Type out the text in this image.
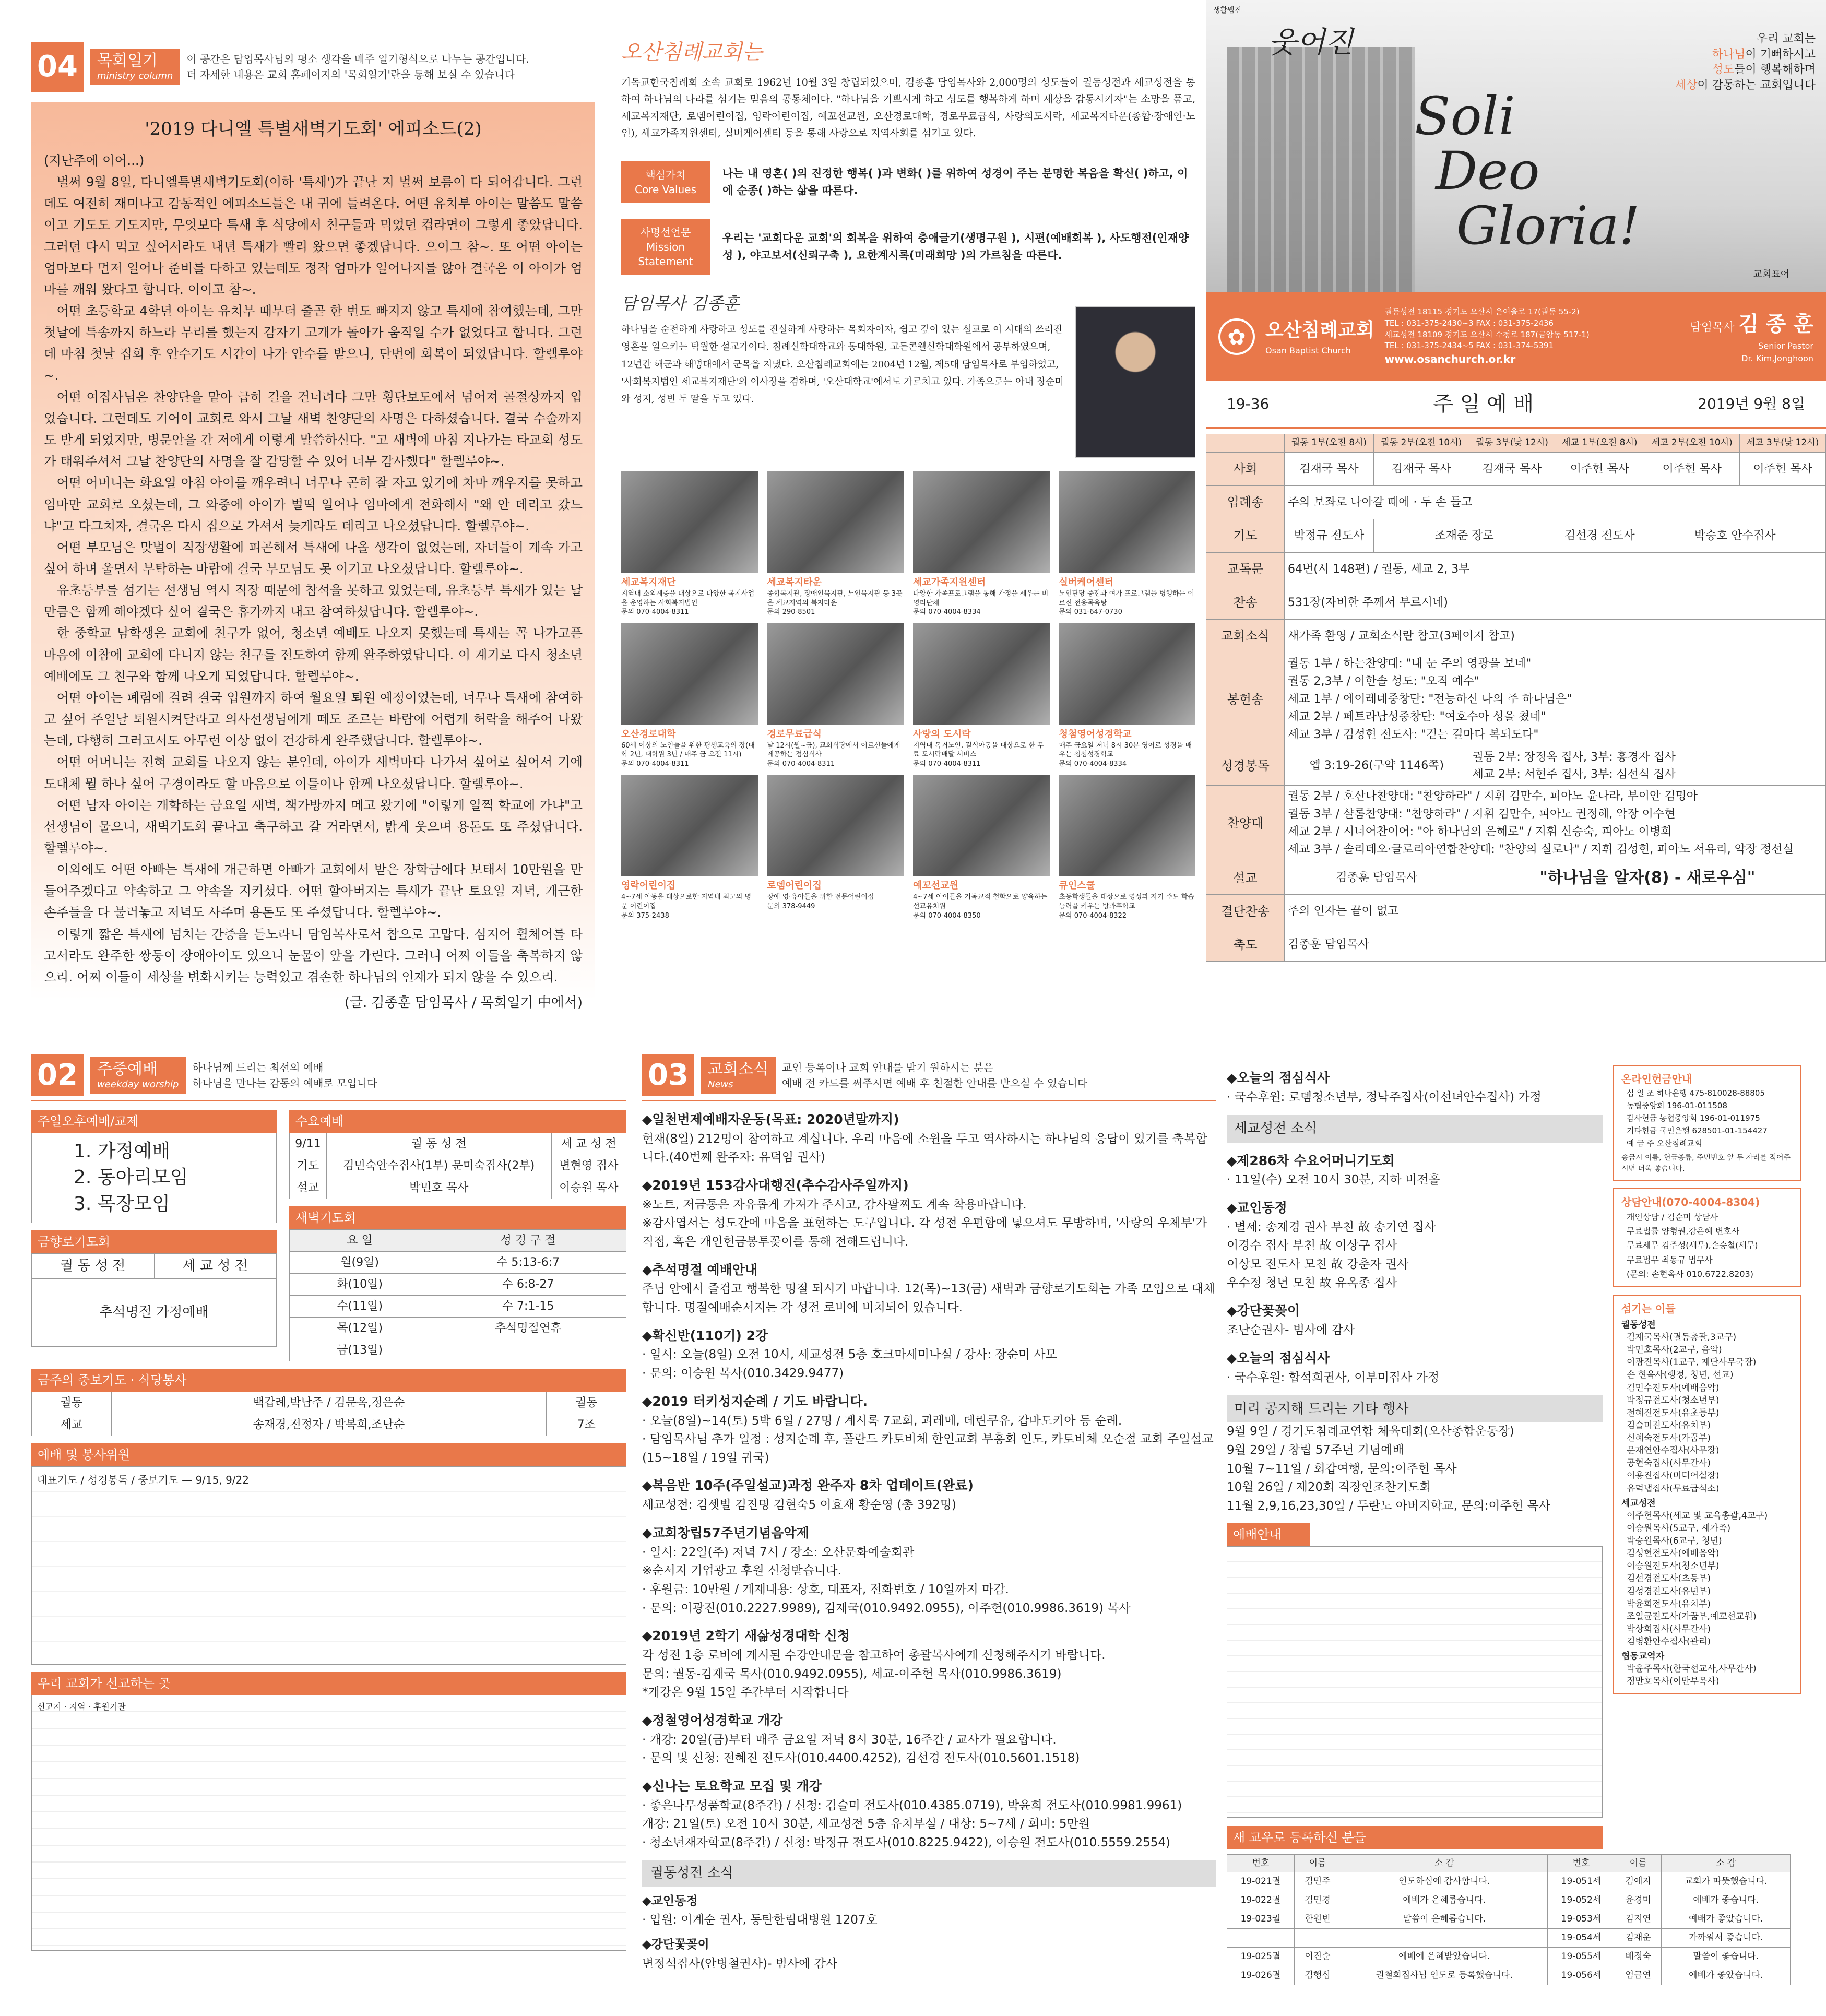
04	목회일기
ministry column
이 공간은 담임목사님의 평소 생각을 매주 일기형식으로 나누는 공간입니다.
더 자세한 내용은 교회 홈페이지의 '목회일기'란을 통해 보실 수 있습니다
'2019 다니엘 특별새벽기도회' 에피소드(2)

(지난주에 이어...)

벌써 9월 8일, 다니엘특별새벽기도회(이하 '특새')가 끝난 지 벌써 보름이 다 되어갑니다. 그런데도 여전히 재미나고 감동적인 에피소드들은 내 귀에 들려온다. 어떤 유치부 아이는 말씀도 말씀이고 기도도 기도지만, 무엇보다 특새 후 식당에서 친구들과 먹었던 컵라면이 그렇게 좋았답니다. 그러던 다시 먹고 싶어서라도 내년 특새가 빨리 왔으면 좋겠답니다. 으이그 참~. 또 어떤 아이는 엄마보다 먼저 일어나 준비를 다하고 있는데도 정작 엄마가 일어나지를 않아 결국은 이 아이가 엄마를 깨워 왔다고 합니다. 이이고 참~.

어떤 초등학교 4학년 아이는 유치부 때부터 줄곧 한 번도 빠지지 않고 특새에 참여했는데, 그만 첫날에 특송까지 하느라 무리를 했는지 감자기 고개가 돌아가 움직일 수가 없었다고 합니다. 그런데 마침 첫날 집회 후 안수기도 시간이 나가 안수를 받으니, 단번에 회복이 되었답니다. 할렐루야~.

어떤 여집사님은 찬양단을 맡아 급히 길을 건너려다 그만 횡단보도에서 넘어져 골절상까지 입었습니다. 그런데도 기어이 교회로 와서 그날 새벽 찬양단의 사명은 다하셨습니다. 결국 수술까지도 받게 되었지만, 병문안을 간 저에게 이렇게 말씀하신다. "고 새벽에 마침 지나가는 타교회 성도가 태워주셔서 그날 찬양단의 사명을 잘 감당할 수 있어 너무 감사했다" 할렐루야~.

어떤 어머니는 화요일 아침 아이를 깨우려니 너무나 곤히 잘 자고 있기에 차마 깨우지를 못하고 엄마만 교회로 오셨는데, 그 와중에 아이가 벌떡 일어나 엄마에게 전화해서 "왜 안 데리고 갔느냐"고 다그치자, 결국은 다시 집으로 가셔서 늦게라도 데리고 나오셨답니다. 할렐루야~.

어떤 부모님은 맞벌이 직장생활에 피곤해서 특새에 나올 생각이 없었는데, 자녀들이 계속 가고 싶어 하며 울면서 부탁하는 바람에 결국 부모님도 못 이기고 나오셨답니다. 할렐루야~.

유초등부를 섬기는 선생님 역시 직장 때문에 참석을 못하고 있었는데, 유초등부 특새가 있는 날만큼은 함께 해야겠다 싶어 결국은 휴가까지 내고 참여하셨답니다. 할렐루야~.

한 중학교 남학생은 교회에 친구가 없어, 청소년 예배도 나오지 못했는데 특새는 꼭 나가고픈 마음에 이참에 교회에 다니지 않는 친구를 전도하여 함께 완주하였답니다. 이 계기로 다시 청소년 예배에도 그 친구와 함께 나오게 되었답니다. 할렐루야~.

어떤 아이는 폐렴에 걸려 결국 입원까지 하여 월요일 퇴원 예정이었는데, 너무나 특새에 참여하고 싶어 주일날 퇴원시켜달라고 의사선생님에게 떼도 조르는 바람에 어렵게 허락을 해주어 나왔는데, 다행히 그러고서도 아무런 이상 없이 건강하게 완주했답니다. 할렐루야~.

어떤 어머니는 전혀 교회를 나오지 않는 분인데, 아이가 새벽마다 나가서 싶어로 싶어서 기에 도대체 뭘 하나 싶어 구경이라도 할 마음으로 이틀이나 함께 나오셨답니다. 할렐루야~.

어떤 남자 아이는 개학하는 금요일 새벽, 책가방까지 메고 왔기에 "이렇게 일찍 학교에 가냐"고 선생님이 물으니, 새벽기도회 끝나고 축구하고 갈 거라면서, 밝게 웃으며 용돈도 또 주셨답니다. 할렐루야~.

이외에도 어떤 아빠는 특새에 개근하면 아빠가 교회에서 받은 장학금에다 보태서 10만원을 만들어주겠다고 약속하고 그 약속을 지키셨다. 어떤 할아버지는 특새가 끝난 토요일 저녁, 개근한 손주들을 다 불러놓고 저녁도 사주며 용돈도 또 주셨답니다. 할렐루야~.

이렇게 짧은 특새에 넘치는 간증을 듣노라니 담임목사로서 참으로 고맙다. 심지어 휠체어를 타고서라도 완주한 쌍둥이 장애아이도 있으니 눈물이 앞을 가린다. 그러니 어찌 이들을 축복하지 않으리. 어찌 이들이 세상을 변화시키는 능력있고 겸손한 하나님의 인재가 되지 않을 수 있으리.

(글. 김종훈 담임목사 / 목회일기 中에서)
오산침례교회는
기독교한국침례회 소속 교회로 1962년 10월 3일 창립되었으며, 김종훈 담임목사와 2,000명의 성도들이 궐동성전과 세교성전을 통하여 하나님의 나라를 섬기는 믿음의 공동체이다. "하나님을 기쁘시게 하고 성도를 행복하게 하며 세상을 감동시키자"는 소망을 품고, 세교복지재단, 로뎀어린이집, 영락어린이집, 예꼬선교원, 오산경로대학, 경로무료급식, 사랑의도시락, 세교복지타운(종합·장애인·노인), 세교가족지원센터, 실버케어센터 등을 통해 사랑으로 지역사회를 섬기고 있다.
핵심가치
Core Values
나는 내 영혼( )의 진정한 행복( )과 변화( )를 위하여 성경이 주는 분명한 복음을 확신( )하고, 이에 순종( )하는 삶을 따른다.
사명선언문
Mission Statement
우리는 '교회다운 교회'의 회복을 위하여 충애글기(생명구원 ), 시편(예배회복 ), 사도행전(인재양성 ), 야고보서(신뢰구축 ), 요한계시록(미래희망 )의 가르침을 따른다.
담임목사 김종훈
하나님을 순전하게 사랑하고 성도를 진실하게 사랑하는 목회자이자, 쉽고 깊이 있는 설교로 이 시대의 쓰러진 영혼을 일으키는 탁월한 설교가이다. 침례신학대학교와 동대학원, 고든콘웰신학대학원에서 공부하였으며, 12년간 해군과 해병대에서 군목을 지냈다. 오산침례교회에는 2004년 12월, 제5대 담임목사로 부임하였고, '사회복지법인 세교복지재단'의 이사장을 겸하며, '오산대학교'에서도 가르치고 있다. 가족으로는 아내 장순미와 성지, 성빈 두 딸을 두고 있다.
세교복지재단
지역내 소외계층을 대상으로 다양한 복지사업을 운영하는 사회복지법인
문의 070-4004-8311
세교복지타운
종합복지관, 장애인복지관, 노인복지관 등 3곳을 세교지역의 복지타운
문의 290-8501
세교가족지원센터
다양한 가족프로그램을 통해 가정을 세우는 비영리단체
문의 070-4004-8334
실버케어센터
노인단당 중전과 여가 프로그램을 병행하는 어르신 전용목욕탕
문의 031-647-0730
오산경로대학
60세 이상의 노인들을 위한 평생교육의 장(대학 2년, 대학원 3년 / 매주 금 오전 11시)
문의 070-4004-8311
경로무료급식
날 12시(월~금), 교회식당에서 어르신들에게 제공하는 점심식사
문의 070-4004-8311
사랑의 도시락
지역내 독거노인, 결식아동을 대상으로 한 무료 도시락배달 서비스
문의 070-4004-8311
청첨영어성경학교
매주 금요일 저녁 8시 30분 영어로 성경을 배우는 청첨성경학교
문의 070-4004-8334
영락어린이집
4~7세 아동을 대상으로한 지역내 최고의 명문 어린이집
문의 375-2438
로뎀어린이집
장애 영·유아들을 위한 전문어린이집
문의 378-9449
예꼬선교원
4~7세 아이들을 기독교적 철학으로 양육하는 선교유치원
문의 070-4004-8350
큐인스쿨
초등학생들을 대상으로 영성과 지기 주도 학습능력을 키우는 방과후학교
문의 070-4004-8322
생활웹진
웃어진	우리 교회는
하나님이 기뻐하시고
성도들이 행복해하며
세상이 감동하는 교회입니다
Soli
Deo
Gloria!
교회표어
✿	오산침례교회
Osan Baptist Church
궐동성전 18115 경기도 오산시 은여울로 17(궐동 55-2)
TEL : 031-375-2430~3 FAX : 031-375-2436
세교성전 18109 경기도 오산시 수청로 187(금암동 517-1)
TEL : 031-375-2434~5 FAX : 031-374-5391
www.osanchurch.or.kr
담임목사 김 종 훈
Senior Pastor
Dr. Kim,Jonghoon
19-36	주 일 예 배	2019년 9월 8일
	궐동 1부(오전 8시)	궐동 2부(오전 10시)	궐동 3부(낮 12시)	세교 1부(오전 8시)	세교 2부(오전 10시)	세교 3부(낮 12시)
사회	김재국 목사	김재국 목사	김재국 목사	이주헌 목사	이주헌 목사	이주헌 목사
입례송	주의 보좌로 나아갈 때에 · 두 손 들고					

기도	박정규 전도사	조재준 장로		김선경 전도사	박승호 안수집사	
교독문	64번(시 148편) / 궐동, 세교 2, 3부					

찬송	531장(자비한 주께서 부르시네)					

교회소식	새가족 환영 / 교회소식란 참고(3페이지 참고)					

봉헌송	궐동 1부 / 하는찬양대: "내 눈 주의 영광을 보네"
궐동 2,3부 / 이한솔 성도: "오직 예수"
세교 1부 / 에이레네중창단: "전능하신 나의 주 하나님은"
세교 2부 / 페트라남성중창단: "여호수아 성을 쳤네"
세교 3부 / 김성현 전도사: "걷는 길마다 복되도다"					

성경봉독	엡 3:19-26(구약 1146쪽)		궐동 2부: 장정옥 집사, 3부: 홍경자 집사
세교 2부: 서현주 집사, 3부: 심선식 집사			

찬양대	궐동 2부 / 호산나찬양대: "찬양하라" / 지휘 김만수, 피아노 윤나라, 부이안 김명아
궐동 3부 / 샬롬찬양대: "찬양하라" / 지휘 김만수, 피아노 권정혜, 악장 이수현
세교 2부 / 시너어찬이어: "아 하나님의 은혜로" / 지휘 신승숙, 피아노 이병희
세교 3부 / 솔리데오·글로리아연합찬양대: "찬양의 실로나" / 지휘 김성현, 피아노 서유리, 악장 정선실					

설교	김종훈 담임목사		"하나님을 알자(8) - 새로우심"			
결단찬송	주의 인자는 끝이 없고					

축도	김종훈 담임목사					
02	주중예배
weekday worship
하나님께 드리는 최선의 예배
하나님을 만나는 감동의 예배로 모입니다
주일오후예배/교제
1. 가정예배
2. 동아리모임
3. 목장모임
금향로기도회
궐 동 성 전	세 교 성 전
추석명절 가정예배
수요예배
9/11	궐 동 성 전	세 교 성 전
기도	김민숙안수집사(1부) 문미숙집사(2부)	변현영 집사
설교	박민호 목사	이승원 목사
새벽기도회
요 일	성 경 구 절
월(9일)	수 5:13-6:7
화(10일)	수 6:8-27
수(11일)	수 7:1-15
목(12일)	추석명절연휴
금(13일)	
금주의 중보기도 · 식당봉사
궐동	백갑례,박남주 / 김문옥,정은순	궐동
세교	송재경,전정자 / 박복희,조난순	7조
예배 및 봉사위원
대표기도 / 성경봉독 / 중보기도 — 9/15, 9/22
우리 교회가 선교하는 곳
선교지 · 지역 · 후원기관
03	교회소식
News
교인 등록이나 교회 안내를 받기 원하시는 분은
예배 전 카드를 써주시면 예배 후 친절한 안내를 받으실 수 있습니다
◆일천번제예배자운동(목표: 2020년말까지)
현재(8일) 212명이 참여하고 계십니다. 우리 마음에 소원을 두고 역사하시는 하나님의 응답이 있기를 축복합니다.(40번째 완주자: 유덕임 권사)
◆2019년 153감사대행진(추수감사주일까지)
※노트, 저금통은 자유롭게 가져가 주시고, 감사팔찌도 계속 착용바랍니다.
※감사엽서는 성도간에 마음을 표현하는 도구입니다. 각 성전 우편함에 넣으셔도 무방하며, '사랑의 우체부'가 직접, 혹은 개인헌금봉투꽂이를 통해 전해드립니다.
◆추석명절 예배안내
주님 안에서 즐겁고 행복한 명절 되시기 바랍니다. 12(목)~13(금) 새벽과 금향로기도회는 가족 모임으로 대체합니다. 명절예배순서지는 각 성전 로비에 비치되어 있습니다.
◆확신반(110기) 2강
· 일시: 오늘(8일) 오전 10시, 세교성전 5층 호크마세미나실 / 강사: 장순미 사모
· 문의: 이승원 목사(010.3429.9477)
◆2019 터키성지순례 / 기도 바랍니다.
· 오늘(8일)~14(토) 5박 6일 / 27명 / 계시록 7교회, 괴레메, 데린쿠유, 갑바도키아 등 순례.
· 담임목사님 추가 일정 : 성지순례 후, 폴란드 카토비체 한인교회 부흥회 인도, 카토비체 오순절 교회 주일설교(15~18일 / 19일 귀국)
◆복음반 10주(주일설교)과정 완주자 8차 업데이트(완료)
세교성전: 김셋별 김진명 김현숙5 이효재 황순영 (총 392명)
◆교회창립57주년기념음악제
· 일시: 22일(주) 저녁 7시 / 장소: 오산문화예술회관
※순서지 기업광고 후원 신청받습니다.
· 후원금: 10만원 / 게재내용: 상호, 대표자, 전화번호 / 10일까지 마감.
· 문의: 이광진(010.2227.9989), 김재국(010.9492.0955), 이주헌(010.9986.3619) 목사
◆2019년 2학기 새삶성경대학 신청
각 성전 1층 로비에 게시된 수강안내문을 참고하여 총괄목사에게 신청해주시기 바랍니다.
문의: 궐동-김재국 목사(010.9492.0955), 세교-이주헌 목사(010.9986.3619)
*개강은 9월 15일 주간부터 시작합니다
◆정철영어성경학교 개강
· 개강: 20일(금)부터 매주 금요일 저녁 8시 30분, 16주간 / 교사가 필요합니다.
· 문의 및 신청: 전혜진 전도사(010.4400.4252), 김선경 전도사(010.5601.1518)
◆신나는 토요학교 모집 및 개강
· 좋은나무성품학교(8주간) / 신청: 김슬미 전도사(010.4385.0719), 박윤희 전도사(010.9981.9961)
개강: 21일(토) 오전 10시 30분, 세교성전 5층 유치부실 / 대상: 5~7세 / 회비: 5만원
· 청소년재자학교(8주간) / 신청: 박정규 전도사(010.8225.9422), 이승원 전도사(010.5559.2554)
궐동성전 소식
◆교인동정
· 입원: 이계순 권사, 동탄한림대병원 1207호
◆강단꽃꽂이
변정석집사(안병철권사)- 범사에 감사
◆오늘의 점심식사
· 국수후원: 로뎀청소년부, 정낙주집사(이선녀안수집사) 가정
세교성전 소식
◆제286차 수요어머니기도회
· 11일(수) 오전 10시 30분, 지하 비전홀
◆교인동정
· 별세: 송재경 권사 부친 故 송기연 집사
이경수 집사 부친 故 이상구 집사
이상모 전도사 모친 故 강춘자 권사
우수정 청년 모친 故 유옥종 집사
◆강단꽃꽂이
조난순권사- 범사에 감사
◆오늘의 점심식사
· 국수후원: 합석희권사, 이부미집사 가정
미리 공지해 드리는 기타 행사
9월 9일 / 경기도침례교연합 체육대회(오산종합운동장)
9월 29일 / 창립 57주년 기념예배
10월 7~11일 / 회갑여행, 문의:이주헌 목사
10월 26일 / 제20회 직장인조찬기도회
11월 2,9,16,23,30일 / 두란노 아버지학교, 문의:이주헌 목사
예배안내
새 교우로 등록하신 분들
번호	이름	소 감	번호	이름	소 감
19-021궐	김민주	인도하심에 감사합니다.	19-051세	김예지	교회가 따뜻했습니다.
19-022궐	김민경	예배가 은혜롭습니다.	19-052세	윤경미	예배가 좋습니다.
19-023궐	한원빈	말씀이 은혜롭습니다.	19-053세	김지연	예배가 좋았습니다.
			19-054세	김재운	가까워서 좋습니다.
19-025궐	이진순	예배에 은혜받았습니다.	19-055세	배정숙	말씀이 좋습니다.
19-026궐	김행심	권철희집사님 인도로 등록했습니다.	19-056세	염금연	예배가 좋았습니다.
온라인헌금안내
십 일 조 하나은행 475-810028-88805
농협중앙회 196-01-011508
감사헌금 농협중앙회 196-01-011975
기타헌금 국민은행 628501-01-154427
예 금 주 오산침례교회
송금시 이름, 헌금종류, 주민번호 앞 두 자리를 적어주시면 더욱 좋습니다.
상담안내(070-4004-8304)
개인상담 / 김순미 상담사
무료법률 양형권,강은혜 변호사
무료세무 김주성(세무),손승철(세무)
무료법무 최동규 법무사
(문의: 손현옥사 010.6722.8203)
섬기는 이들
궐동성전
김재국목사(궐동총괄,3교구)
박민호목사(2교구, 음악)
이광진목사(1교구, 재단사무국장)
손 현옥사(행정, 청년, 선교)
김민수전도사(예배음악)
박정규전도사(청소년부)
전혜진전도사(유초등부)
김슬미전도사(유치부)
신혜숙전도사(가꿈부)
문재연안수집사(사무장)
공현숙집사(사무간사)
이용진집사(미디어실장)
유덕냅집사(무료급식소)
세교성전
이주헌목사(세교 및 교육총괄,4교구)
이승원목사(5교구, 새가족)
박승원목사(6교구, 청년)
김성현전도사(예배음악)
이승원전도사(청소년부)
김선경전도사(초등부)
김성경전도사(유년부)
박윤희전도사(유치부)
조일균전도사(가꿈부,예꼬선교원)
박상희집사(사무간사)
김병환안수집사(관리)
협동교역자
박윤주목사(한국선교사,사무간사)
정만호목사(이만부목사)
